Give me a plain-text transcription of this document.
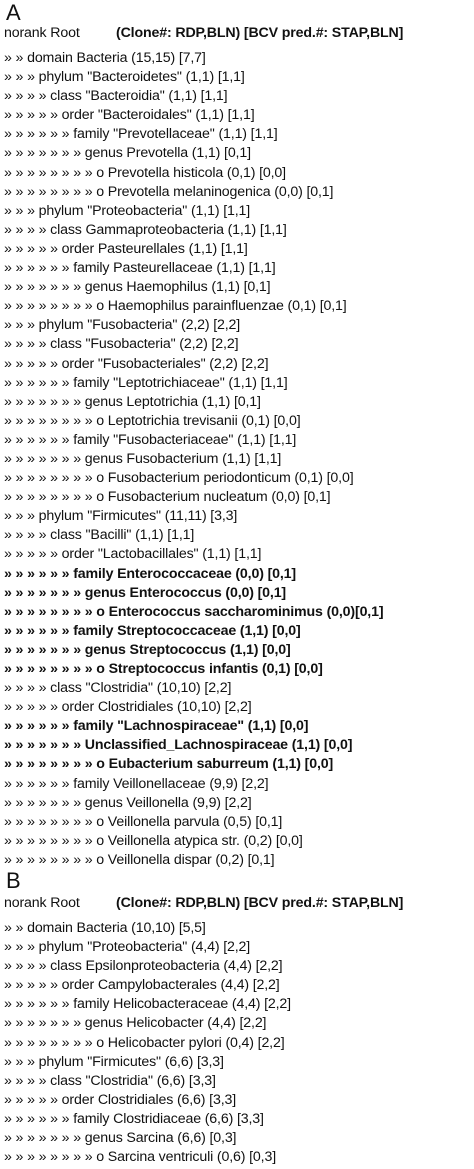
A
norank Root	(Clone#: RDP,BLN) [BCV pred.#: STAP,BLN]
» » domain Bacteria (15,15) [7,7]
» » » phylum "Bacteroidetes" (1,1) [1,1]
» » » » class "Bacteroidia" (1,1) [1,1]
» » » » » order "Bacteroidales" (1,1) [1,1]
» » » » » » family "Prevotellaceae" (1,1) [1,1]
» » » » » » » genus Prevotella (1,1) [0,1]
» » » » » » » » o Prevotella histicola (0,1) [0,0]
» » » » » » » » o Prevotella melaninogenica (0,0) [0,1]
» » » phylum "Proteobacteria" (1,1) [1,1]
» » » » class Gammaproteobacteria (1,1) [1,1]
» » » » » order Pasteurellales (1,1) [1,1]
» » » » » » family Pasteurellaceae (1,1) [1,1]
» » » » » » » genus Haemophilus (1,1) [0,1]
» » » » » » » » o Haemophilus parainfluenzae (0,1) [0,1]
» » » phylum "Fusobacteria" (2,2) [2,2]
» » » » class "Fusobacteria" (2,2) [2,2]
» » » » » order "Fusobacteriales" (2,2) [2,2]
» » » » » » family "Leptotrichiaceae" (1,1) [1,1]
» » » » » » » genus Leptotrichia (1,1) [0,1]
» » » » » » » » o Leptotrichia trevisanii (0,1) [0,0]
» » » » » » family "Fusobacteriaceae" (1,1) [1,1]
» » » » » » » genus Fusobacterium (1,1) [1,1]
» » » » » » » » o Fusobacterium periodonticum (0,1) [0,0]
» » » » » » » » o Fusobacterium nucleatum (0,0) [0,1]
» » » phylum "Firmicutes" (11,11) [3,3]
» » » » class "Bacilli" (1,1) [1,1]
» » » » » order "Lactobacillales" (1,1) [1,1]
» » » » » » family Enterococcaceae (0,0) [0,1]
» » » » » » » genus Enterococcus (0,0) [0,1]
» » » » » » » » o Enterococcus saccharominimus (0,0)[0,1]
» » » » » » family Streptococcaceae (1,1) [0,0]
» » » » » » » genus Streptococcus (1,1) [0,0]
» » » » » » » » o Streptococcus infantis (0,1) [0,0]
» » » » class "Clostridia" (10,10) [2,2]
» » » » » order Clostridiales (10,10) [2,2]
» » » » » » family "Lachnospiraceae" (1,1) [0,0]
» » » » » » » Unclassified_Lachnospiraceae (1,1) [0,0]
» » » » » » » » o Eubacterium saburreum (1,1) [0,0]
» » » » » » family Veillonellaceae (9,9) [2,2]
» » » » » » » genus Veillonella (9,9) [2,2]
» » » » » » » » o Veillonella parvula (0,5) [0,1]
» » » » » » » » o Veillonella atypica str. (0,2) [0,0]
» » » » » » » » o Veillonella dispar (0,2) [0,1]
B
norank Root	(Clone#: RDP,BLN) [BCV pred.#: STAP,BLN]
» » domain Bacteria (10,10) [5,5]
» » » phylum "Proteobacteria" (4,4) [2,2]
» » » » class Epsilonproteobacteria (4,4) [2,2]
» » » » » order Campylobacterales (4,4) [2,2]
» » » » » » family Helicobacteraceae (4,4) [2,2]
» » » » » » » genus Helicobacter (4,4) [2,2]
» » » » » » » » o Helicobacter pylori (0,4) [2,2]
» » » phylum "Firmicutes" (6,6) [3,3]
» » » » class "Clostridia" (6,6) [3,3]
» » » » » order Clostridiales (6,6) [3,3]
» » » » » » family Clostridiaceae (6,6) [3,3]
» » » » » » » genus Sarcina (6,6) [0,3]
» » » » » » » » o Sarcina ventriculi (0,6) [0,3]
